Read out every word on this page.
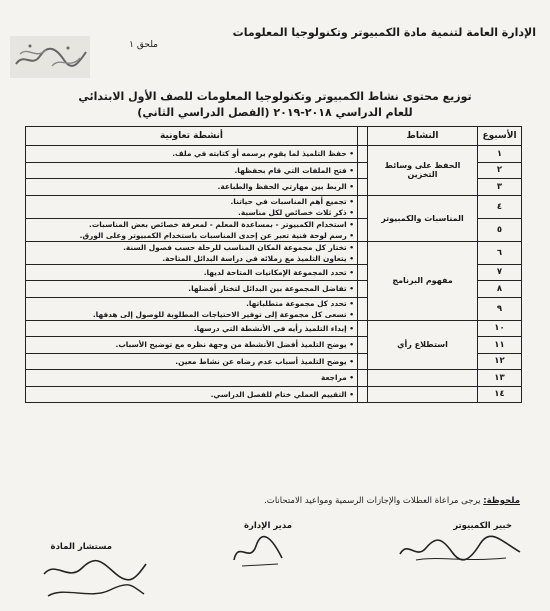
الإدارة العامة لتنمية مادة الكمبيوتر وتكنولوجيا المعلومات
ملحق ١
توزيع محتوى نشاط الكمبيوتر وتكنولوجيا المعلومات للصف الأول الابتدائي
للعام الدراسي ٢٠١٨-٢٠١٩ (الفصل الدراسي الثاني)
الأسبوع	النشاط		أنشطة تعاونية
١	الحفظ على وسائط التخزين		• حفظ التلميذ لما يقوم برسمه أو كتابته في ملف.

٢			• فتح الملفات التي قام بحفظها.

٣			• الربط بين مهارتي الحفظ والطباعة.

٤	المناسبات والكمبيوتر		• تجميع أهم المناسبات في حياتنا.
• ذكر ثلاث خصائص لكل مناسبة.

٥			• استخدام الكمبيوتر - بمساعدة المعلم - لمعرفة خصائص بعض المناسبات.
• رسم لوحة فنية تعبر عن إحدى المناسبات باستخدام الكمبيوتر وعلى الورق.

٦	مفهوم البرنامج		• تختار كل مجموعة المكان المناسب للرحلة حسب فصول السنة.
• يتعاون التلميذ مع زملائه في دراسة البدائل المتاحة.

٧			• تحدد المجموعة الإمكانيات المتاحة لديها.

٨			• تفاضل المجموعة بين البدائل لتختار أفضلها.

٩			• تحدد كل مجموعة متطلباتها.
• تسعى كل مجموعة إلى توفير الاحتياجات المطلوبة للوصول إلى هدفها.

١٠	استطلاع رأي		• إبداء التلميذ رأيه في الأنشطة التي درسها.

١١			• يوضح التلميذ أفضل الأنشطة من وجهة نظره مع توضيح الأسباب.

١٢			• يوضح التلميذ أسباب عدم رضاه عن نشاط معين.

١٣			• مراجعة

١٤			• التقييم العملي ختام للفصل الدراسي.
ملحوظة: يرجى مراعاة العطلات والإجازات الرسمية ومواعيد الامتحانات.
خبير الكمبيوتر
مدير الإدارة
مستشار المادة
